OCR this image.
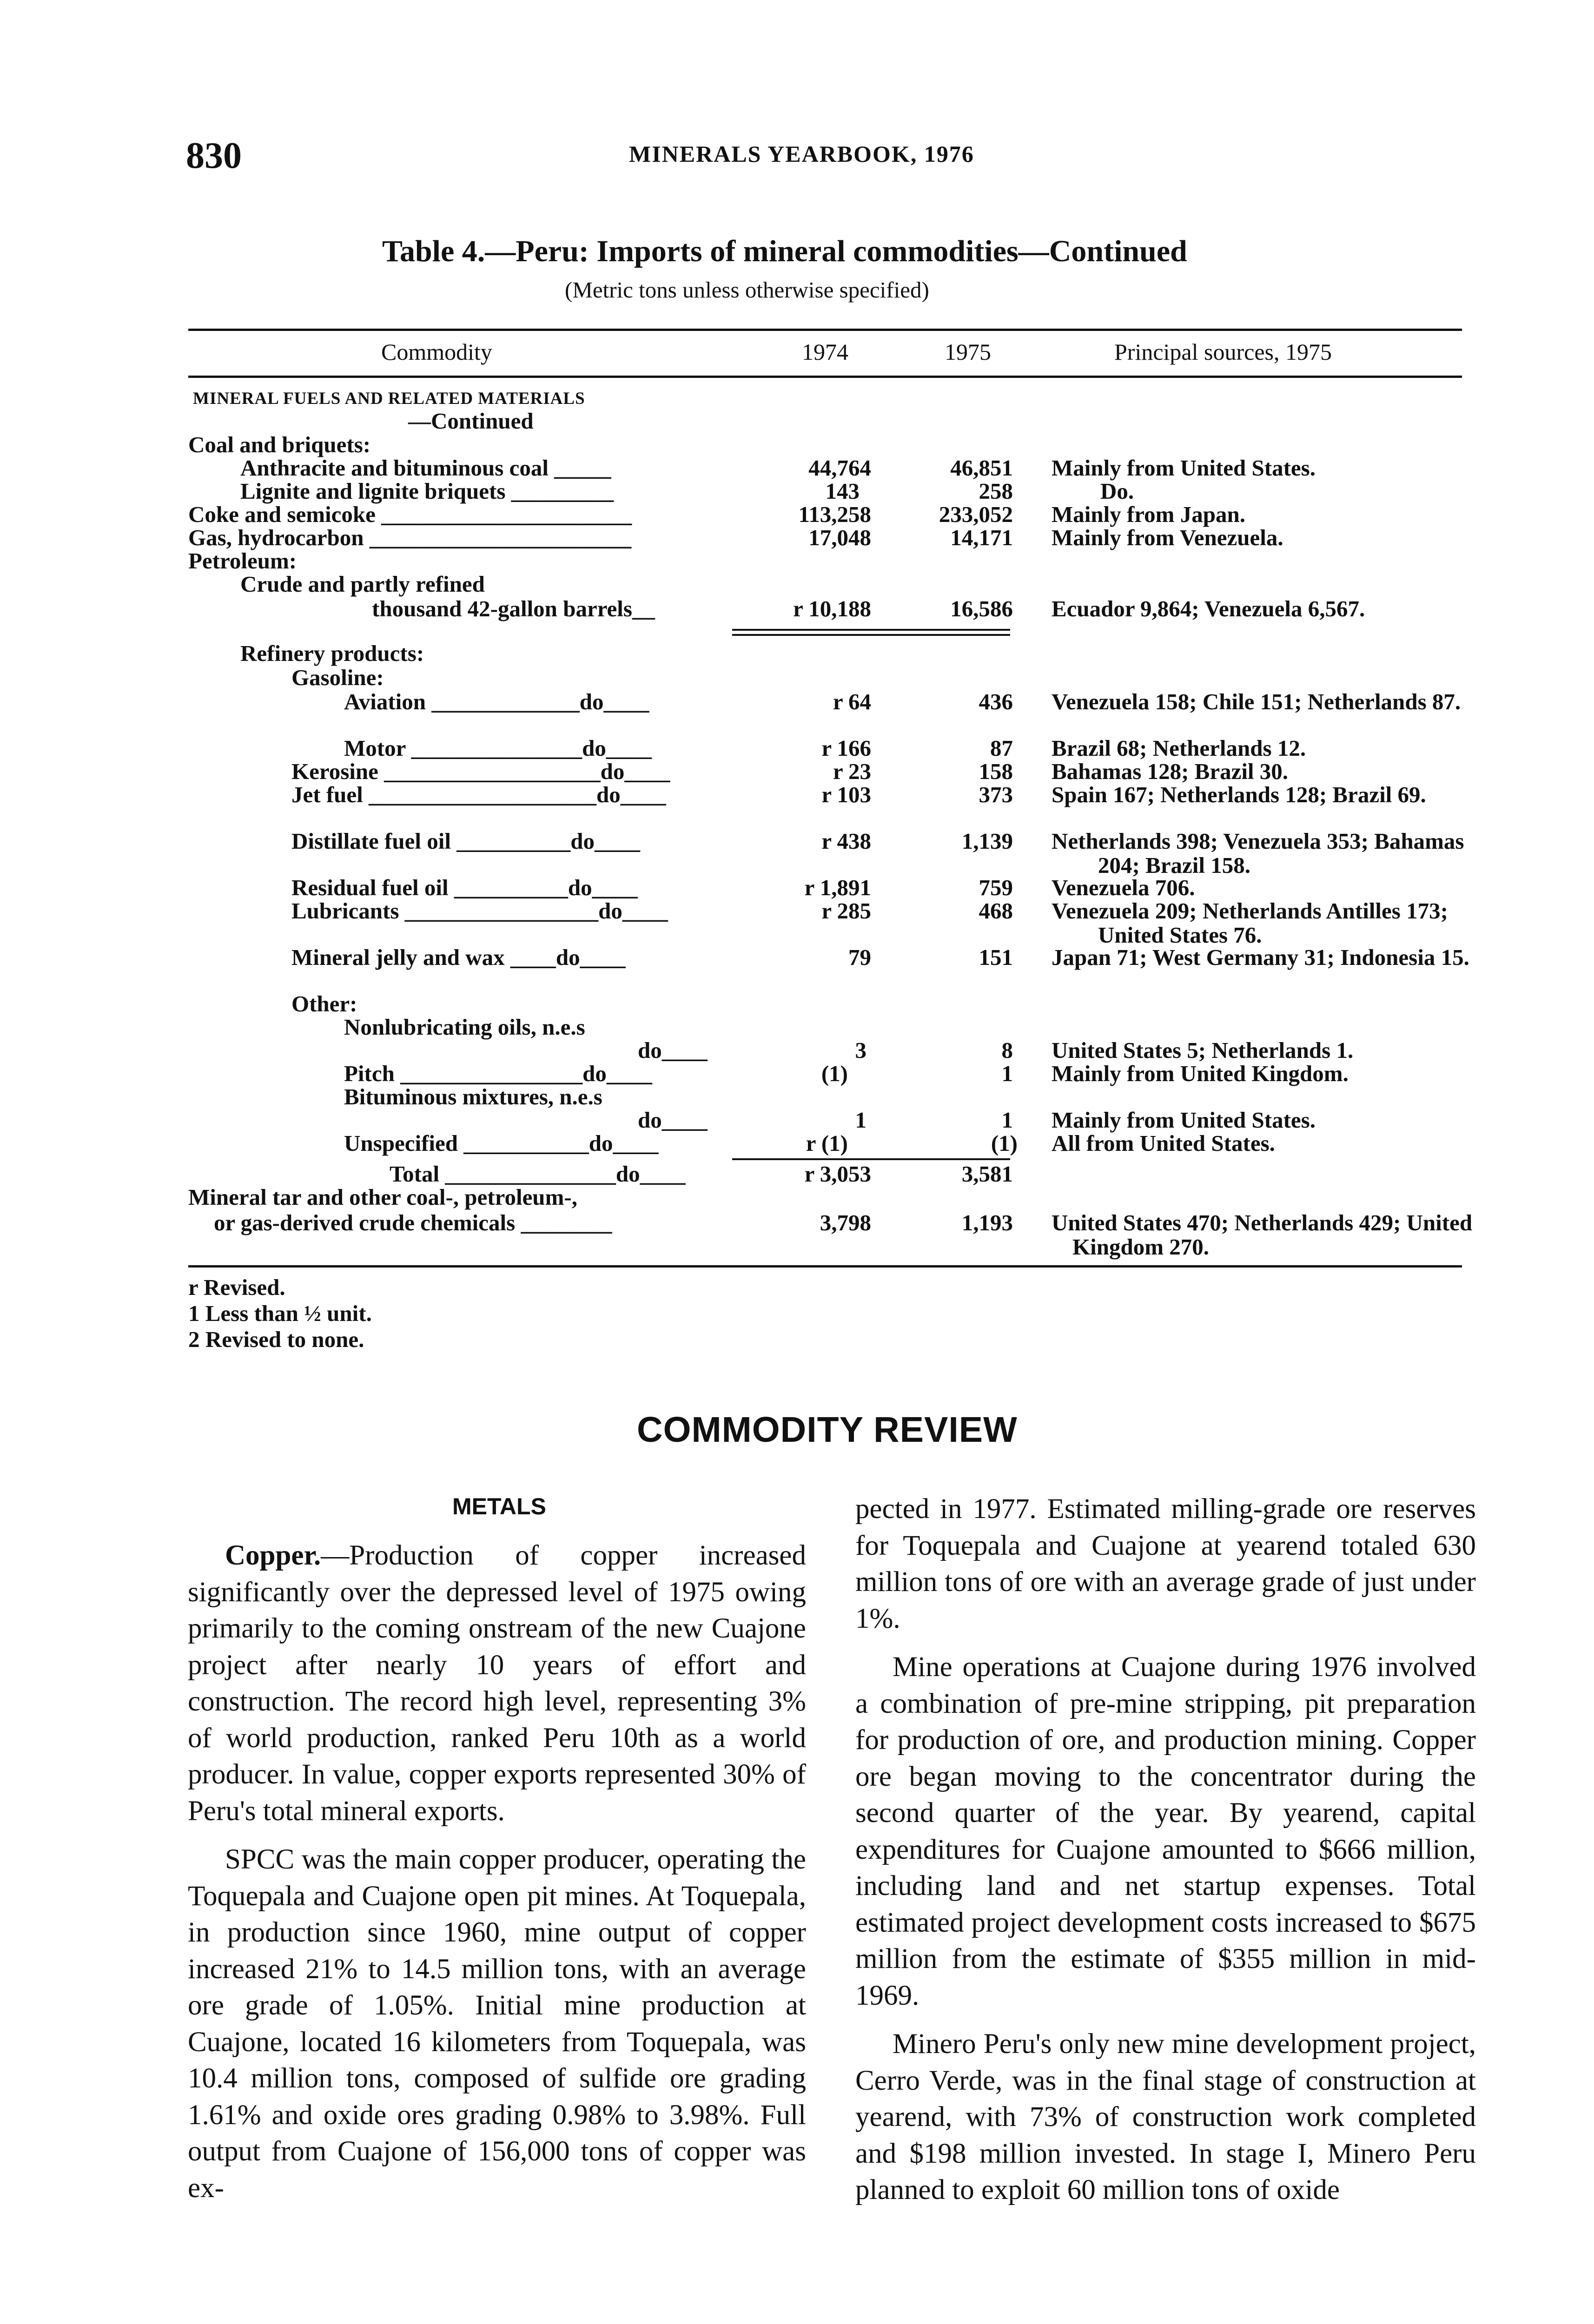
830	MINERALS YEARBOOK, 1976
Table 4.—Peru: Imports of mineral commodities—Continued
(Metric tons unless otherwise specified)
Commodity	1974	1975	Principal sources, 1975
MINERAL FUELS AND RELATED MATERIALS
—Continued
Coal and briquets:
Anthracite and bituminous coal _____	44,764	46,851 Mainly from United States.
Lignite and lignite briquets _________	143	258	Do.
Coke and semicoke ______________________	113,258	233,052 Mainly from Japan.
Gas, hydrocarbon _______________________	17,048	14,171 Mainly from Venezuela.
Petroleum:
Crude and partly refined
thousand 42-gallon barrels__	r 10,188	16,586 Ecuador 9,864; Venezuela 6,567.
Refinery products:
Gasoline:
Aviation _____________do____	r 64	436 Venezuela 158; Chile 151; Netherlands 87.
Motor _______________do____	r 166	87 Brazil 68; Netherlands 12.
Kerosine ___________________do____	r 23	158 Bahamas 128; Brazil 30.
Jet fuel ____________________do____	r 103	373 Spain 167; Netherlands 128; Brazil 69.
Distillate fuel oil __________do____	r 438	1,139 Netherlands 398; Venezuela 353; Bahamas 204; Brazil 158.
Residual fuel oil __________do____	r 1,891	759 Venezuela 706.
Lubricants _________________do____	r 285	468 Venezuela 209; Netherlands Antilles 173; United States 76.
Mineral jelly and wax ____do____	79	151 Japan 71; West Germany 31; Indonesia 15.
Other:
Nonlubricating oils, n.e.s
do____	3	8 United States 5; Netherlands 1.
Pitch ________________do____	(1)	1 Mainly from United Kingdom.
Bituminous mixtures, n.e.s
do____	1	1 Mainly from United States.
Unspecified ___________do____	r (1)	(1) All from United States.
Total _______________do____	r 3,053	3,581
Mineral tar and other coal-, petroleum-,
or gas-derived crude chemicals ________	3,798	1,193 United States 470; Netherlands 429; United Kingdom 270.
r Revised.
1 Less than ½ unit.
2 Revised to none.
COMMODITY REVIEW
METALS

Copper.—Production of copper increased significantly over the depressed level of 1975 owing primarily to the coming onstream of the new Cuajone project after nearly 10 years of effort and construction. The record high level, representing 3% of world production, ranked Peru 10th as a world producer. In value, copper exports represented 30% of Peru's total mineral exports.

SPCC was the main copper producer, operating the Toquepala and Cuajone open pit mines. At Toquepala, in production since 1960, mine output of copper increased 21% to 14.5 million tons, with an average ore grade of 1.05%. Initial mine production at Cuajone, located 16 kilometers from Toquepala, was 10.4 million tons, composed of sulfide ore grading 1.61% and oxide ores grading 0.98% to 3.98%. Full output from Cuajone of 156,000 tons of copper was ex-

pected in 1977. Estimated milling-grade ore reserves for Toquepala and Cuajone at yearend totaled 630 million tons of ore with an average grade of just under 1%.

Mine operations at Cuajone during 1976 involved a combination of pre-mine stripping, pit preparation for production of ore, and production mining. Copper ore began moving to the concentrator during the second quarter of the year. By yearend, capital expenditures for Cuajone amounted to $666 million, including land and net startup expenses. Total estimated project development costs increased to $675 million from the estimate of $355 million in mid-1969.

Minero Peru's only new mine development project, Cerro Verde, was in the final stage of construction at yearend, with 73% of construction work completed and $198 million invested. In stage I, Minero Peru planned to exploit 60 million tons of oxide
